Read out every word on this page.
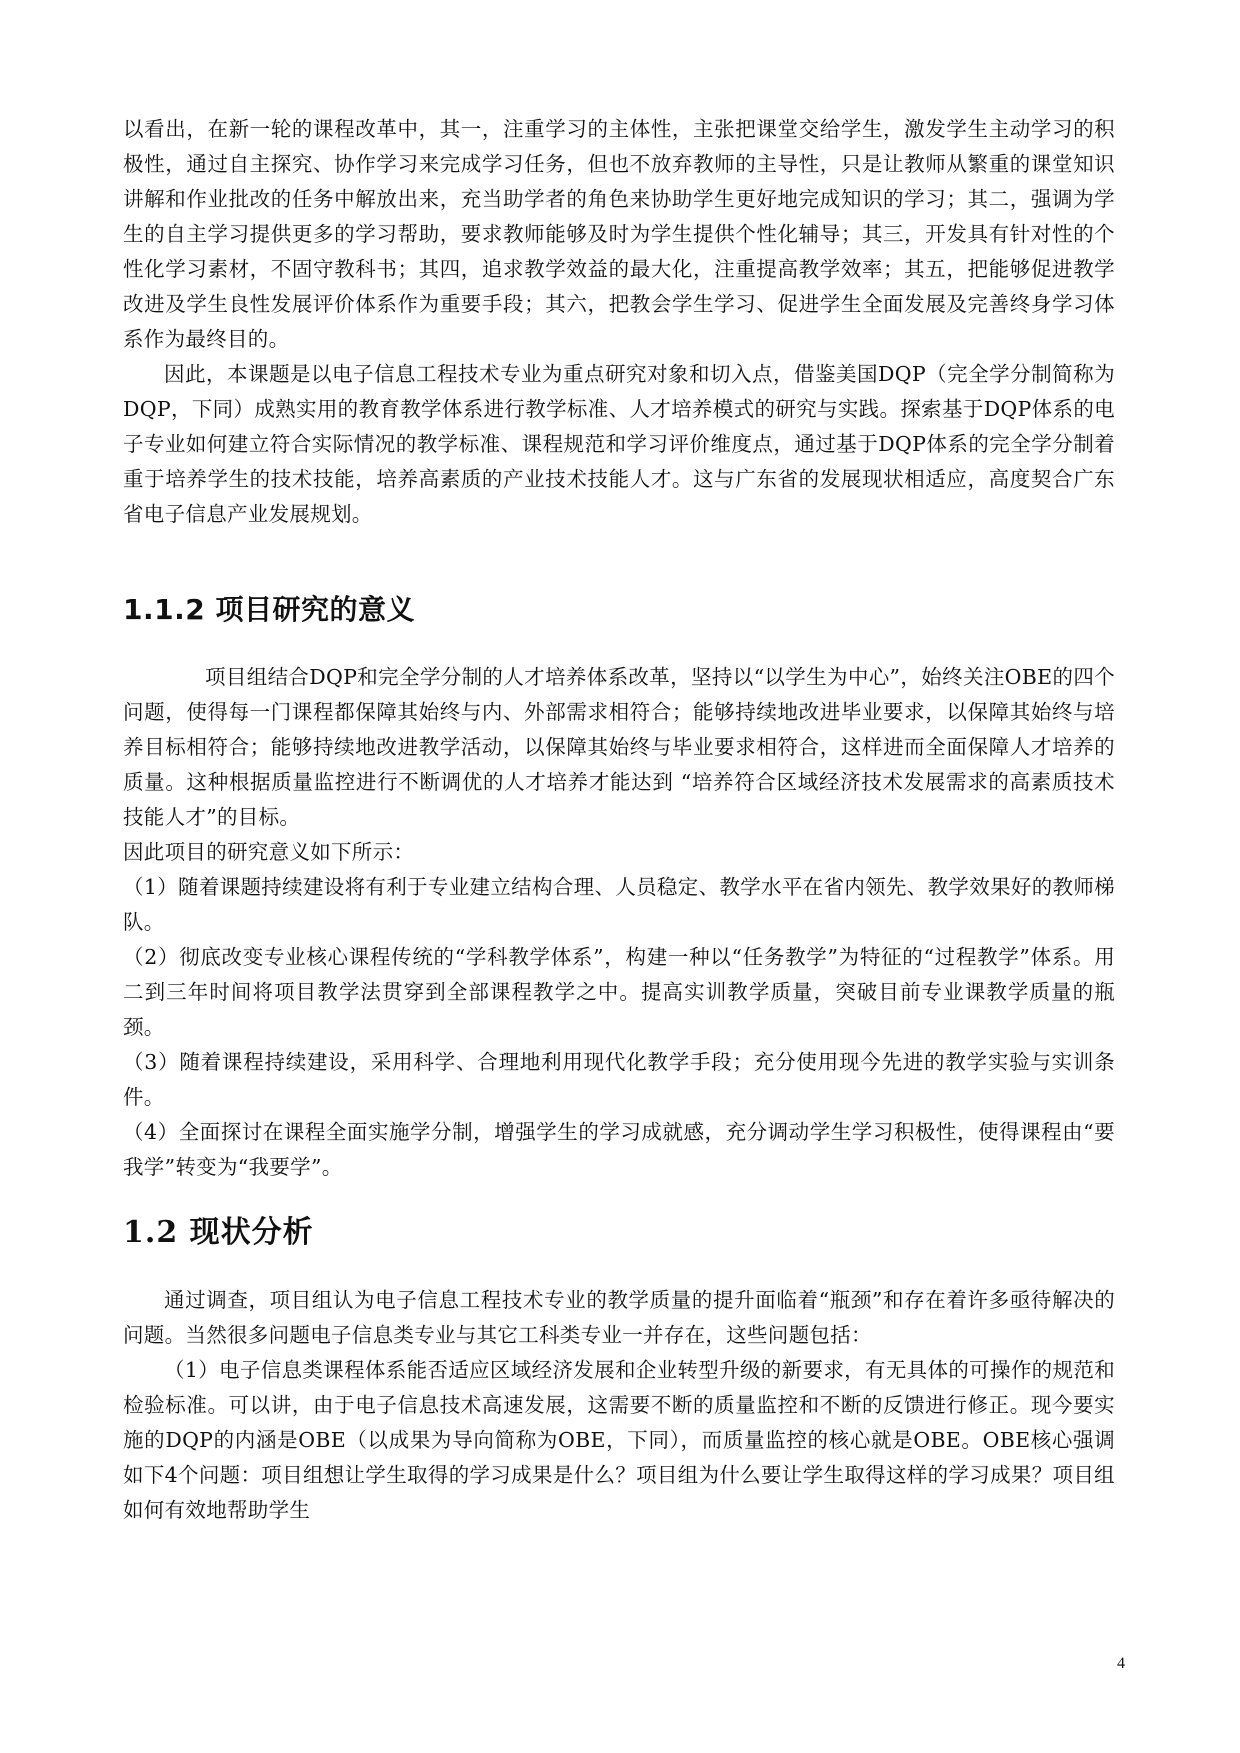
以看出，在新一轮的课程改革中，其一，注重学习的主体性，主张把课堂交给学生，激发学生主动学习的积极性，通过自主探究、协作学习来完成学习任务，但也不放弃教师的主导性，只是让教师从繁重的课堂知识讲解和作业批改的任务中解放出来，充当助学者的角色来协助学生更好地完成知识的学习；其二，强调为学生的自主学习提供更多的学习帮助，要求教师能够及时为学生提供个性化辅导；其三，开发具有针对性的个性化学习素材，不固守教科书；其四，追求教学效益的最大化，注重提高教学效率；其五，把能够促进教学改进及学生良性发展评价体系作为重要手段；其六，把教会学生学习、促进学生全面发展及完善终身学习体系作为最终目的。

因此，本课题是以电子信息工程技术专业为重点研究对象和切入点，借鉴美国DQP（完全学分制简称为DQP，下同）成熟实用的教育教学体系进行教学标准、人才培养模式的研究与实践。探索基于DQP体系的电子专业如何建立符合实际情况的教学标准、课程规范和学习评价维度点，通过基于DQP体系的完全学分制着重于培养学生的技术技能，培养高素质的产业技术技能人才。这与广东省的发展现状相适应，高度契合广东省电子信息产业发展规划。

1.1.2 项目研究的意义

项目组结合DQP和完全学分制的人才培养体系改革，坚持以“以学生为中心”，始终关注OBE的四个问题，使得每一门课程都保障其始终与内、外部需求相符合；能够持续地改进毕业要求，以保障其始终与培养目标相符合；能够持续地改进教学活动，以保障其始终与毕业要求相符合，这样进而全面保障人才培养的质量。这种根据质量监控进行不断调优的人才培养才能达到 “培养符合区域经济技术发展需求的高素质技术技能人才”的目标。

因此项目的研究意义如下所示：

（1）随着课题持续建设将有利于专业建立结构合理、人员稳定、教学水平在省内领先、教学效果好的教师梯队。

（2）彻底改变专业核心课程传统的“学科教学体系”，构建一种以“任务教学”为特征的“过程教学”体系。用二到三年时间将项目教学法贯穿到全部课程教学之中。提高实训教学质量，突破目前专业课教学质量的瓶颈。

（3）随着课程持续建设，采用科学、合理地利用现代化教学手段；充分使用现今先进的教学实验与实训条件。

（4）全面探讨在课程全面实施学分制，增强学生的学习成就感，充分调动学生学习积极性，使得课程由“要我学”转变为“我要学”。

1.2 现状分析

通过调查，项目组认为电子信息工程技术专业的教学质量的提升面临着“瓶颈”和存在着许多亟待解决的问题。当然很多问题电子信息类专业与其它工科类专业一并存在，这些问题包括：

（1）电子信息类课程体系能否适应区域经济发展和企业转型升级的新要求，有无具体的可操作的规范和检验标准。可以讲，由于电子信息技术高速发展，这需要不断的质量监控和不断的反馈进行修正。现今要实施的DQP的内涵是OBE（以成果为导向简称为OBE，下同），而质量监控的核心就是OBE。OBE核心强调如下4个问题：项目组想让学生取得的学习成果是什么？项目组为什么要让学生取得这样的学习成果？项目组如何有效地帮助学生

4
